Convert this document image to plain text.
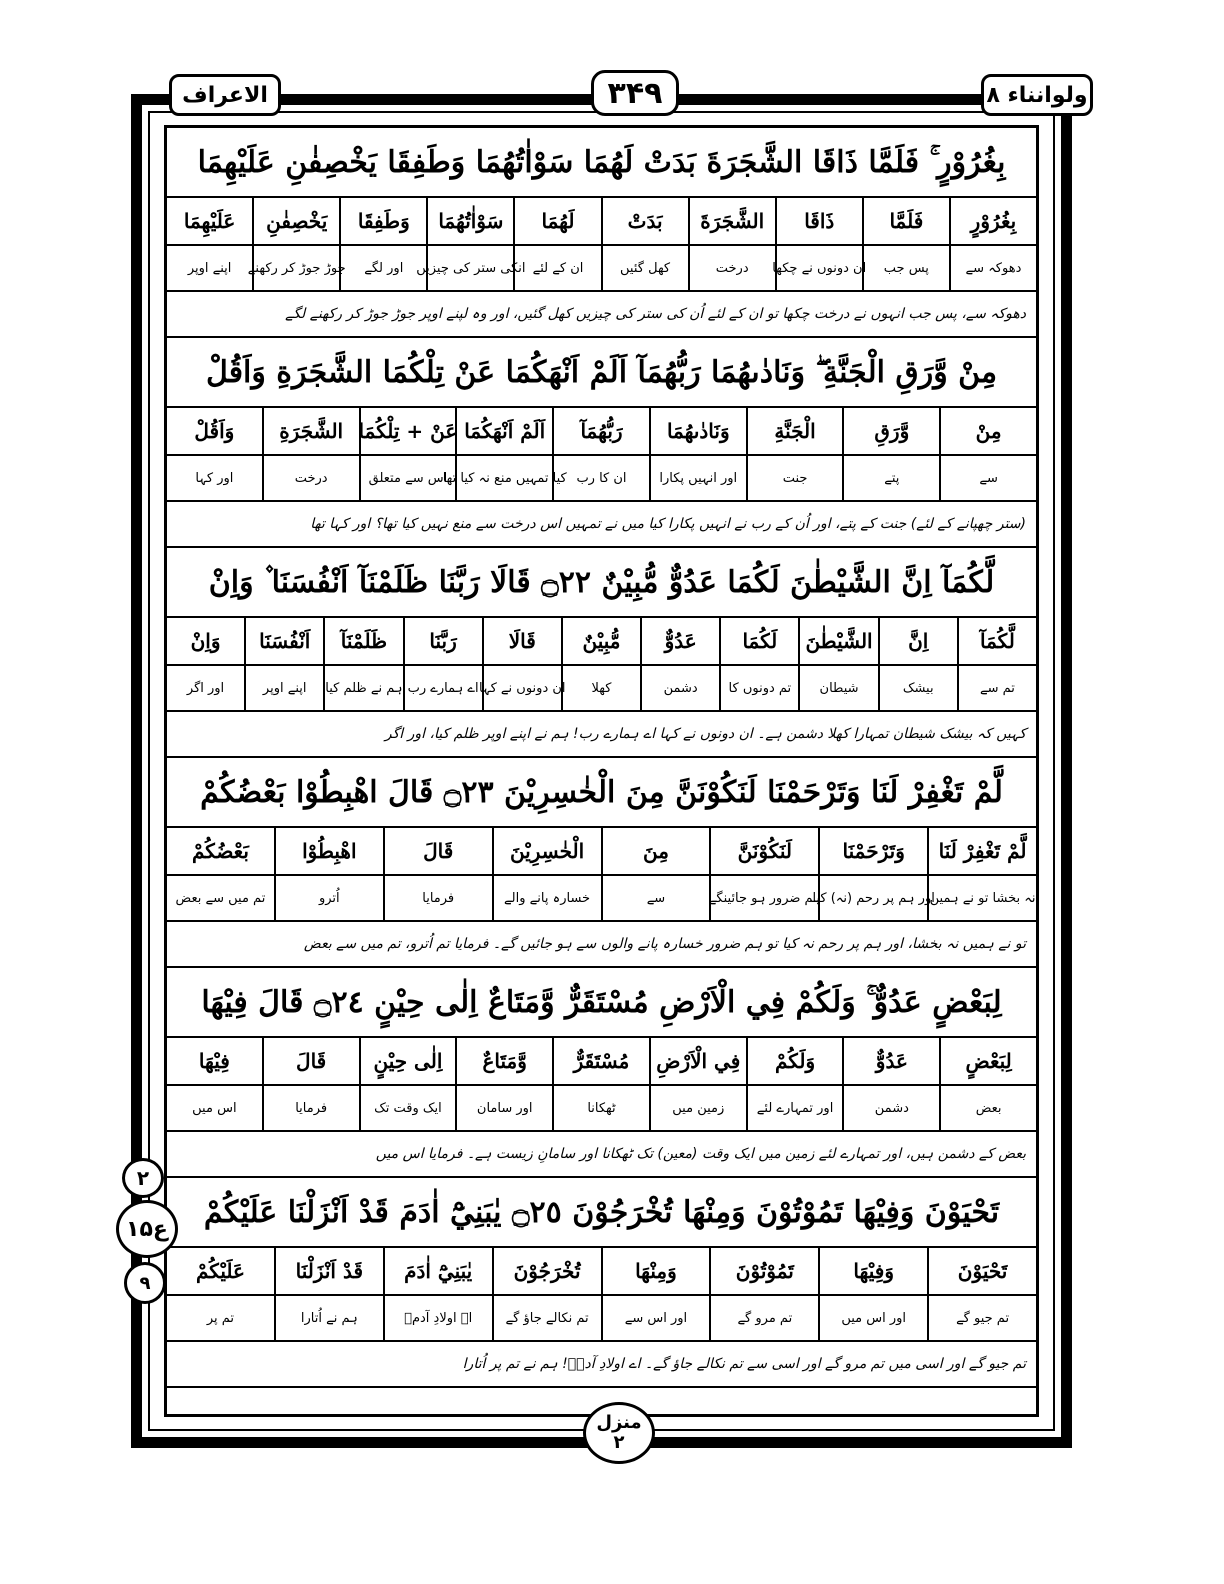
الاعراف	۳۴۹	ولوانناء ۸
بِغُرُوْرٍ ۚ فَلَمَّا ذَاقَا الشَّجَرَةَ بَدَتْ لَهُمَا سَوْاٰتُهُمَا وَطَفِقَا يَخْصِفٰنِ عَلَيْهِمَا
بِغُرُوْرٍ
دھوکہ سے
فَلَمَّا
پس جب
ذَاقَا
ان دونوں نے چکھا
الشَّجَرَةَ
درخت
بَدَتْ
کھل گئیں
لَهُمَا
ان کے لئے
سَوْاٰتُهُمَا
انکی ستر کی چیزیں
وَطَفِقَا
اور لگے
يَخْصِفٰنِ
جوڑ جوڑ کر رکھنے
عَلَيْهِمَا
اپنے اوپر
دھوکہ سے، پس جب انہوں نے درخت چکھا تو ان کے لئے اُن کی ستر کی چیزیں کھل گئیں، اور وہ لپنے اوپر جوڑ جوڑ کر رکھنے لگے
مِنْ وَّرَقِ الْجَنَّةِ ۖ وَنَادٰىهُمَا رَبُّهُمَآ اَلَمْ اَنْهَكُمَا عَنْ تِلْكُمَا الشَّجَرَةِ وَاَقُلْ
مِنْ
سے
وَّرَقِ
پتے
الْجَنَّةِ
جنت
وَنَادٰىهُمَا
اور انہیں پکارا
رَبُّهُمَآ
ان کا رب
اَلَمْ اَنْهَكُمَا
کیا تمہیں منع نہ کیا تھا
عَنْ + تِلْكُمَا
اس سے متعلق
الشَّجَرَةِ
درخت
وَاَقُلْ
اور کہا
(ستر چھپانے کے لئے) جنت کے پتے، اور اُن کے رب نے انہیں پکارا کیا میں نے تمہیں اس درخت سے منع نہیں کیا تھا؟ اور کہا تھا
لَّكُمَآ اِنَّ الشَّيْطٰنَ لَكُمَا عَدُوٌّ مُّبِيْنٌ ۝٢٢ قَالَا رَبَّنَا ظَلَمْنَآ اَنْفُسَنَا ۫ وَاِنْ
لَّكُمَآ
تم سے
اِنَّ
بیشک
الشَّيْطٰنَ
شیطان
لَكُمَا
تم دونوں کا
عَدُوٌّ
دشمن
مُّبِيْنٌ
کھلا
قَالَا
ان دونوں نے کہا
رَبَّنَا
اے ہمارے رب
ظَلَمْنَآ
ہم نے ظلم کیا
اَنْفُسَنَا
اپنے اوپر
وَاِنْ
اور اگر
کہیں کہ بیشک شیطان تمہارا کھلا دشمن ہے۔ ان دونوں نے کہا اے ہمارے رب! ہم نے اپنے اوپر ظلم کیا، اور اگر
لَّمْ تَغْفِرْ لَنَا وَتَرْحَمْنَا لَنَكُوْنَنَّ مِنَ الْخٰسِرِيْنَ ۝٢٣ قَالَ اهْبِطُوْا بَعْضُكُمْ
لَّمْ تَغْفِرْ لَنَا
نہ بخشا تو نے ہمیں
وَتَرْحَمْنَا
اور ہم پر رحم (نہ) کیا
لَنَكُوْنَنَّ
ہم ضرور ہو جائینگے
مِنَ
سے
الْخٰسِرِيْنَ
خسارہ پانے والے
قَالَ
فرمایا
اهْبِطُوْا
اُترو
بَعْضُكُمْ
تم میں سے بعض
تو نے ہمیں نہ بخشا، اور ہم پر رحم نہ کیا تو ہم ضرور خسارہ پانے والوں سے ہو جائیں گے۔ فرمایا تم اُترو، تم میں سے بعض
لِبَعْضٍ عَدُوٌّ ۚ وَلَكُمْ فِي الْاَرْضِ مُسْتَقَرٌّ وَّمَتَاعٌ اِلٰى حِيْنٍ ۝٢٤ قَالَ فِيْهَا
لِبَعْضٍ
بعض
عَدُوٌّ
دشمن
وَلَكُمْ
اور تمہارے لئے
فِي الْاَرْضِ
زمین میں
مُسْتَقَرٌّ
ٹھکانا
وَّمَتَاعٌ
اور سامان
اِلٰى حِيْنٍ
ایک وقت تک
قَالَ
فرمایا
فِيْهَا
اس میں
بعض کے دشمن ہیں، اور تمہارے لئے زمین میں ایک وقت (معین) تک ٹھکانا اور سامانِ زیست ہے۔ فرمایا اس میں
تَحْيَوْنَ وَفِيْهَا تَمُوْتُوْنَ وَمِنْهَا تُخْرَجُوْنَ ۝٢٥ يٰبَنِيْٓ اٰدَمَ قَدْ اَنْزَلْنَا عَلَيْكُمْ
تَحْيَوْنَ
تم جیو گے
وَفِيْهَا
اور اس میں
تَمُوْتُوْنَ
تم مرو گے
وَمِنْهَا
اور اس سے
تُخْرَجُوْنَ
تم نکالے جاؤ گے
يٰبَنِيْٓ اٰدَمَ
اے اولادِ آدمؑ
قَدْ اَنْزَلْنَا
ہم نے اُتارا
عَلَيْكُمْ
تم پر
تم جیو گے اور اسی میں تم مرو گے اور اسی سے تم نکالے جاؤ گے۔ اے اولادِ آدمؑ! ہم نے تم پر اُتارا
۲
ع۱۵
۹
منزل
۲
